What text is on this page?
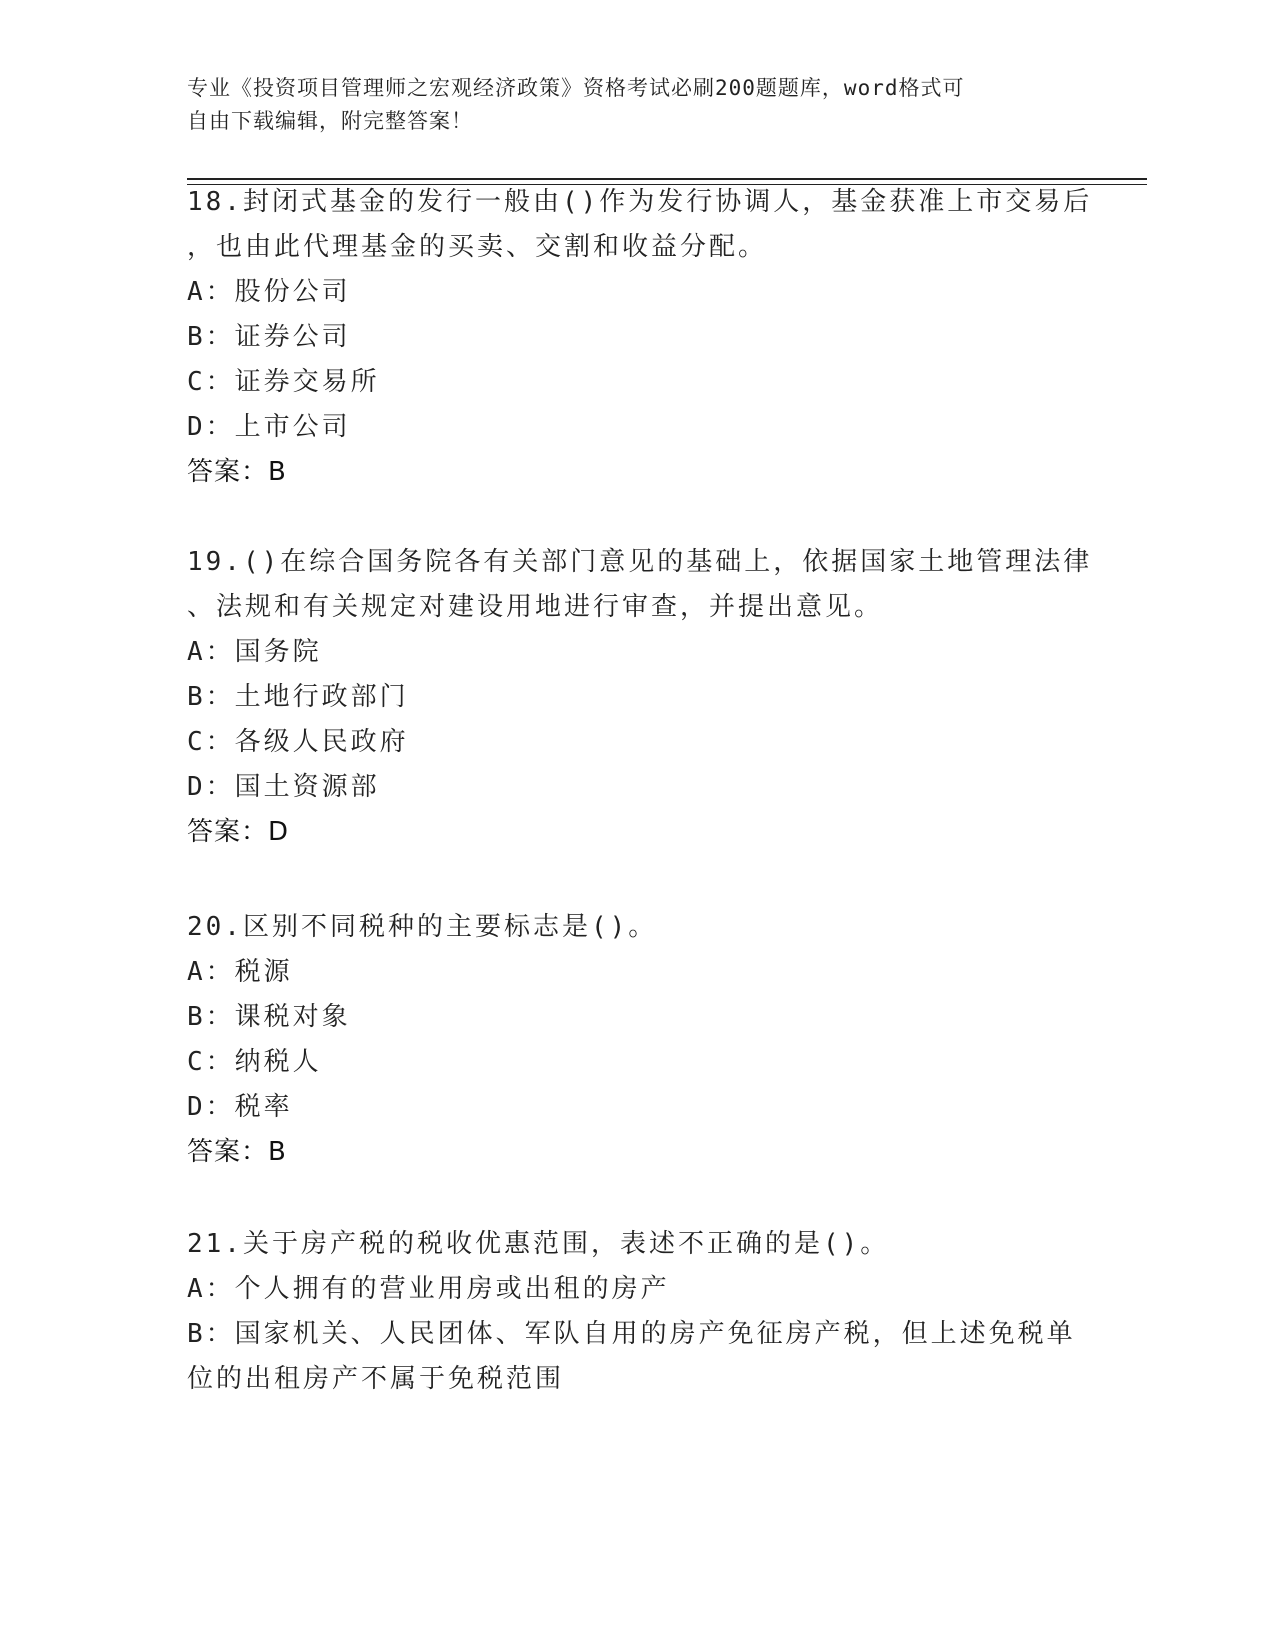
专业《投资项目管理师之宏观经济政策》资格考试必刷200题题库，word格式可
自由下载编辑，附完整答案！
18.封闭式基金的发行一般由()作为发行协调人，基金获准上市交易后
，也由此代理基金的买卖、交割和收益分配。
A：股份公司
B：证券公司
C：证券交易所
D：上市公司
答案：B
19.()在综合国务院各有关部门意见的基础上，依据国家土地管理法律
、法规和有关规定对建设用地进行审查，并提出意见。
A：国务院
B：土地行政部门
C：各级人民政府
D：国土资源部
答案：D
20.区别不同税种的主要标志是()。
A：税源
B：课税对象
C：纳税人
D：税率
答案：B
21.关于房产税的税收优惠范围，表述不正确的是()。
A：个人拥有的营业用房或出租的房产
B：国家机关、人民团体、军队自用的房产免征房产税，但上述免税单
位的出租房产不属于免税范围
